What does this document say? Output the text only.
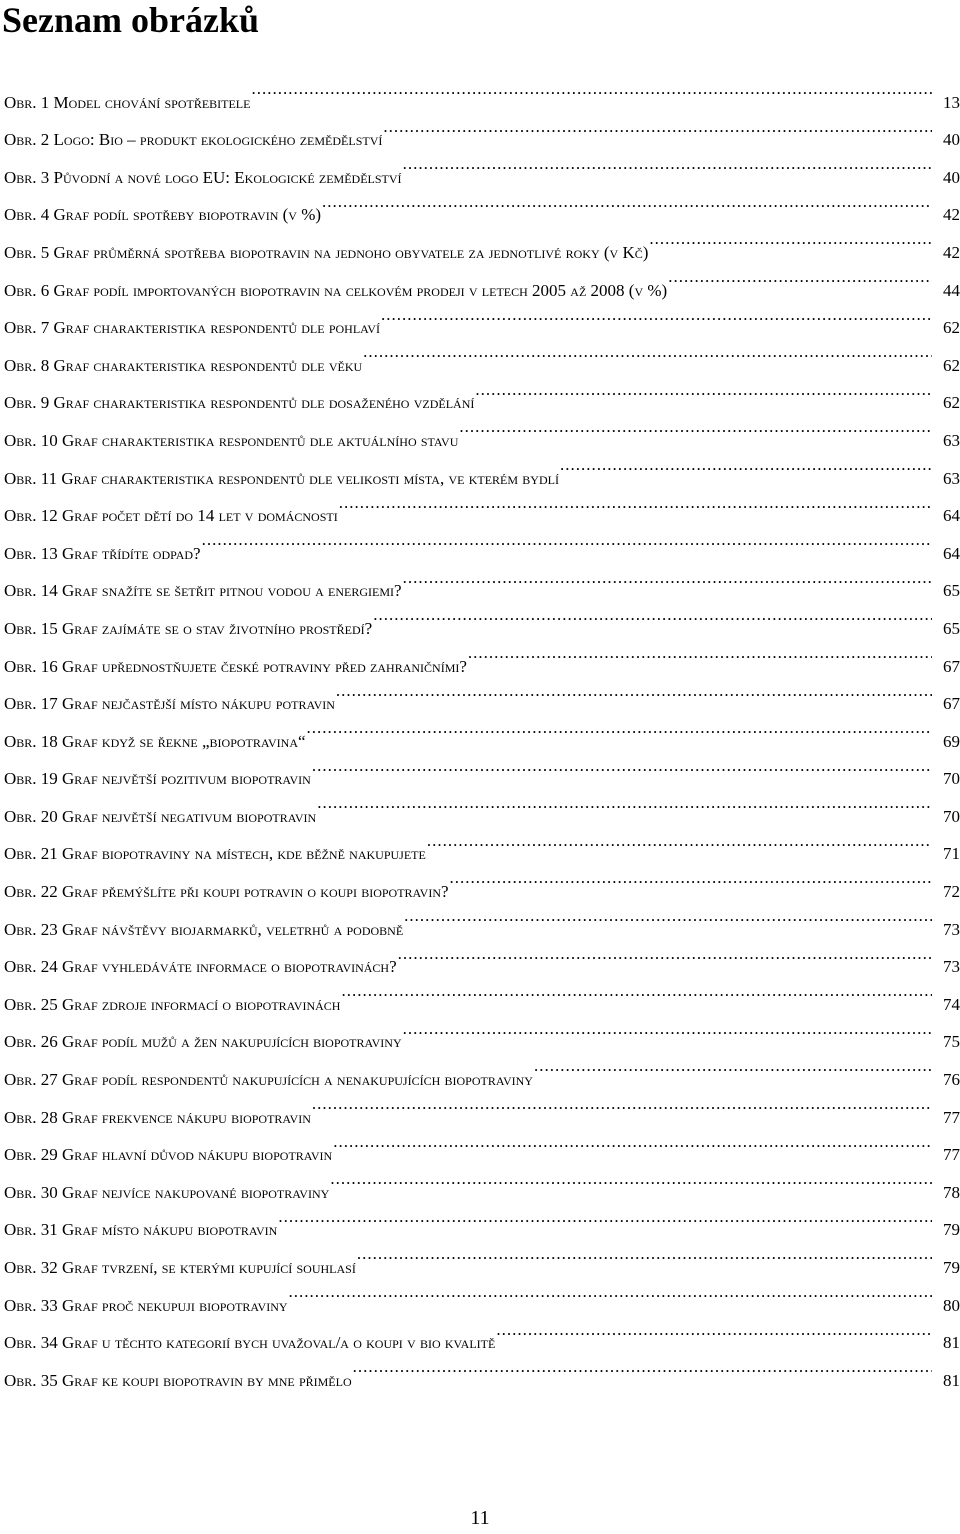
Seznam obrázků
Obr. 1 Model chování spotřebitele .....	13
Obr. 2 Logo: Bio – produkt ekologického zemědělství .....	40
Obr. 3 Původní a nové logo EU: Ekologické zemědělství .....	40
Obr. 4 Graf podíl spotřeby biopotravin (v %) .....	42
Obr. 5 Graf průměrná spotřeba biopotravin na jednoho obyvatele za jednotlivé roky (v Kč) .....	42
Obr. 6 Graf podíl importovaných biopotravin na celkovém prodeji v letech 2005 až 2008 (v %) .....	44
Obr. 7 Graf charakteristika respondentů dle pohlaví .....	62
Obr. 8 Graf charakteristika respondentů dle věku .....	62
Obr. 9 Graf charakteristika respondentů dle dosaženého vzdělání .....	62
Obr. 10 Graf charakteristika respondentů dle aktuálního stavu .....	63
Obr. 11 Graf charakteristika respondentů dle velikosti místa, ve kterém bydlí .....	63
Obr. 12 Graf počet dětí do 14 let v domácnosti .....	64
Obr. 13 Graf třídíte odpad? .....	64
Obr. 14 Graf snažíte se šetřit pitnou vodou a energiemi? .....	65
Obr. 15 Graf zajímáte se o stav životního prostředí? .....	65
Obr. 16 Graf upřednostňujete české potraviny před zahraničními? .....	67
Obr. 17 Graf nejčastější místo nákupu potravin .....	67
Obr. 18 Graf když se řekne „biopotravina“ .....	69
Obr. 19 Graf největší pozitivum biopotravin .....	70
Obr. 20 Graf největší negativum biopotravin .....	70
Obr. 21 Graf biopotraviny na místech, kde běžně nakupujete .....	71
Obr. 22 Graf přemýšlíte při koupi potravin o koupi biopotravin? .....	72
Obr. 23 Graf návštěvy biojarmarků, veletrhů a podobně .....	73
Obr. 24 Graf vyhledáváte informace o biopotravinách? .....	73
Obr. 25 Graf zdroje informací o biopotravinách .....	74
Obr. 26 Graf podíl mužů a žen nakupujících biopotraviny .....	75
Obr. 27 Graf podíl respondentů nakupujících a nenakupujících biopotraviny .....	76
Obr. 28 Graf frekvence nákupu biopotravin .....	77
Obr. 29 Graf hlavní důvod nákupu biopotravin .....	77
Obr. 30 Graf nejvíce nakupované biopotraviny .....	78
Obr. 31 Graf místo nákupu biopotravin .....	79
Obr. 32 Graf tvrzení, se kterými kupující souhlasí .....	79
Obr. 33 Graf proč nekupuji biopotraviny .....	80
Obr. 34 Graf u těchto kategorií bych uvažoval/a o koupi v bio kvalitě .....	81
Obr. 35 Graf ke koupi biopotravin by mne přimělo .....	81
11
